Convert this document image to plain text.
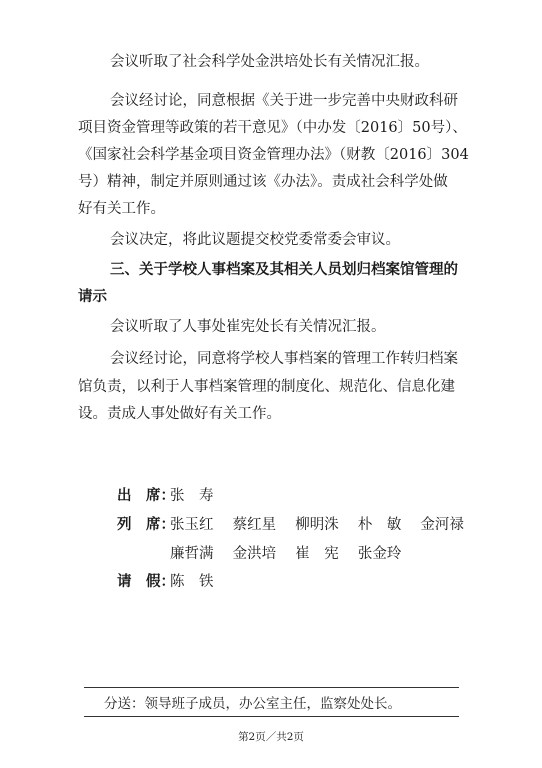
会议听取了社会科学处金洪培处长有关情况汇报。
会议经讨论，同意根据《关于进一步完善中央财政科研
项目资金管理等政策的若干意见》（中办发〔2016〕50号）、
《国家社会科学基金项目资金管理办法》（财教〔2016〕304
号）精神，制定并原则通过该《办法》。责成社会科学处做
好有关工作。
会议决定，将此议题提交校党委常委会审议。
三、关于学校人事档案及其相关人员划归档案馆管理的
请示
会议听取了人事处崔宪处长有关情况汇报。
会议经讨论，同意将学校人事档案的管理工作转归档案
馆负责，以利于人事档案管理的制度化、规范化、信息化建
设。责成人事处做好有关工作。
出　席：
张　寿
列　席：
张玉红　 蔡红星 　柳明洙 　朴　敏 　金河禄
廉哲满 　金洪培 　崔　宪 　张金玲
请　假：
陈　铁
分送：领导班子成员，办公室主任，监察处处长。
第2页／共2页
